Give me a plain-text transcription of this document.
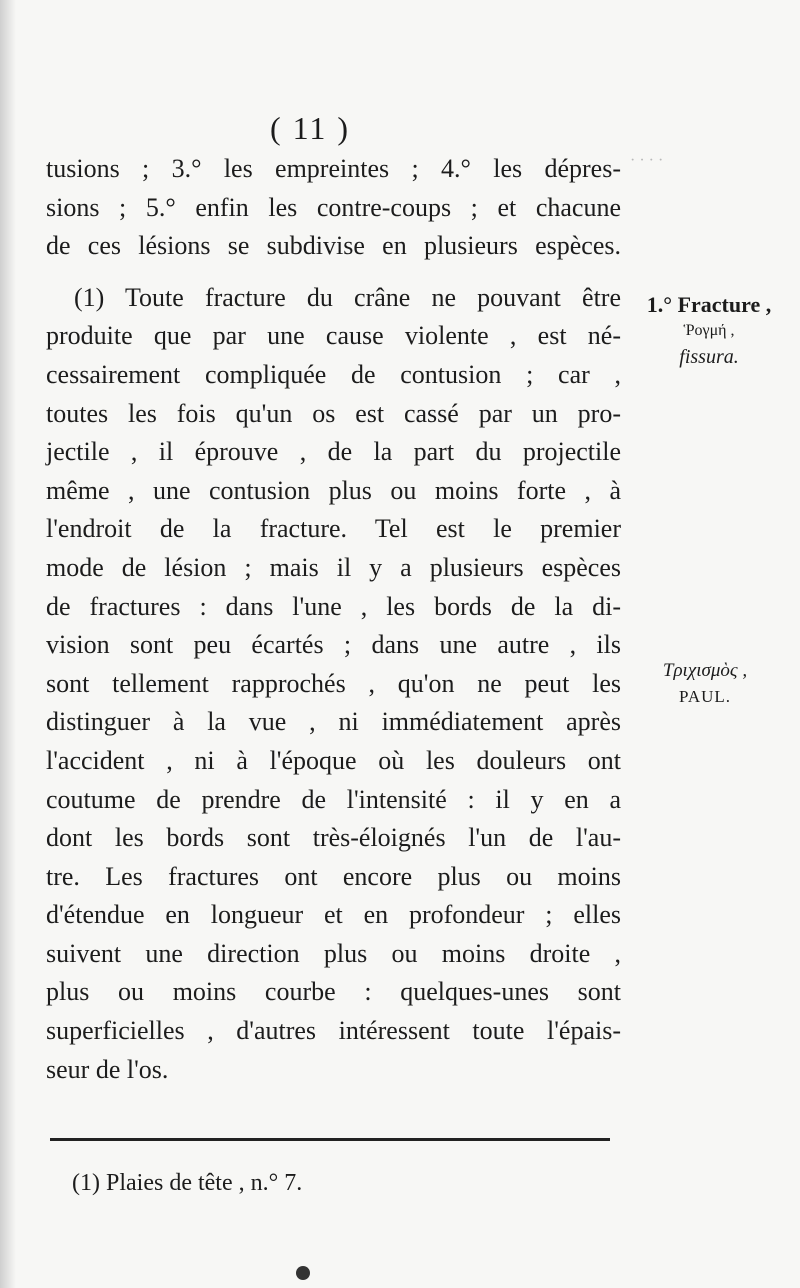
· · · ·
( 11 )
tusions ; 3.° les empreintes ; 4.° les dépres-
sions ; 5.° enfin les contre-coups ; et chacune
de ces lésions se subdivise en plusieurs espèces.
(1) Toute fracture du crâne ne pouvant être
produite que par une cause violente , est né-
cessairement compliquée de contusion ; car ,
toutes les fois qu'un os est cassé par un pro-
jectile , il éprouve , de la part du projectile
même , une contusion plus ou moins forte , à
l'endroit de la fracture. Tel est le premier
mode de lésion ; mais il y a plusieurs espèces
de fractures : dans l'une , les bords de la di-
vision sont peu écartés ; dans une autre , ils
sont tellement rapprochés , qu'on ne peut les
distinguer à la vue , ni immédiatement après
l'accident , ni à l'époque où les douleurs ont
coutume de prendre de l'intensité : il y en a
dont les bords sont très-éloignés l'un de l'au-
tre. Les fractures ont encore plus ou moins
d'étendue en longueur et en profondeur ; elles
suivent une direction plus ou moins droite ,
plus ou moins courbe : quelques-unes sont
superficielles , d'autres intéressent toute l'épais-
seur de l'os.
1.° Fracture ,
Ῥογμή ,
fissura.
Τριχισμὸς ,
PAUL.
(1) Plaies de tête , n.° 7.
